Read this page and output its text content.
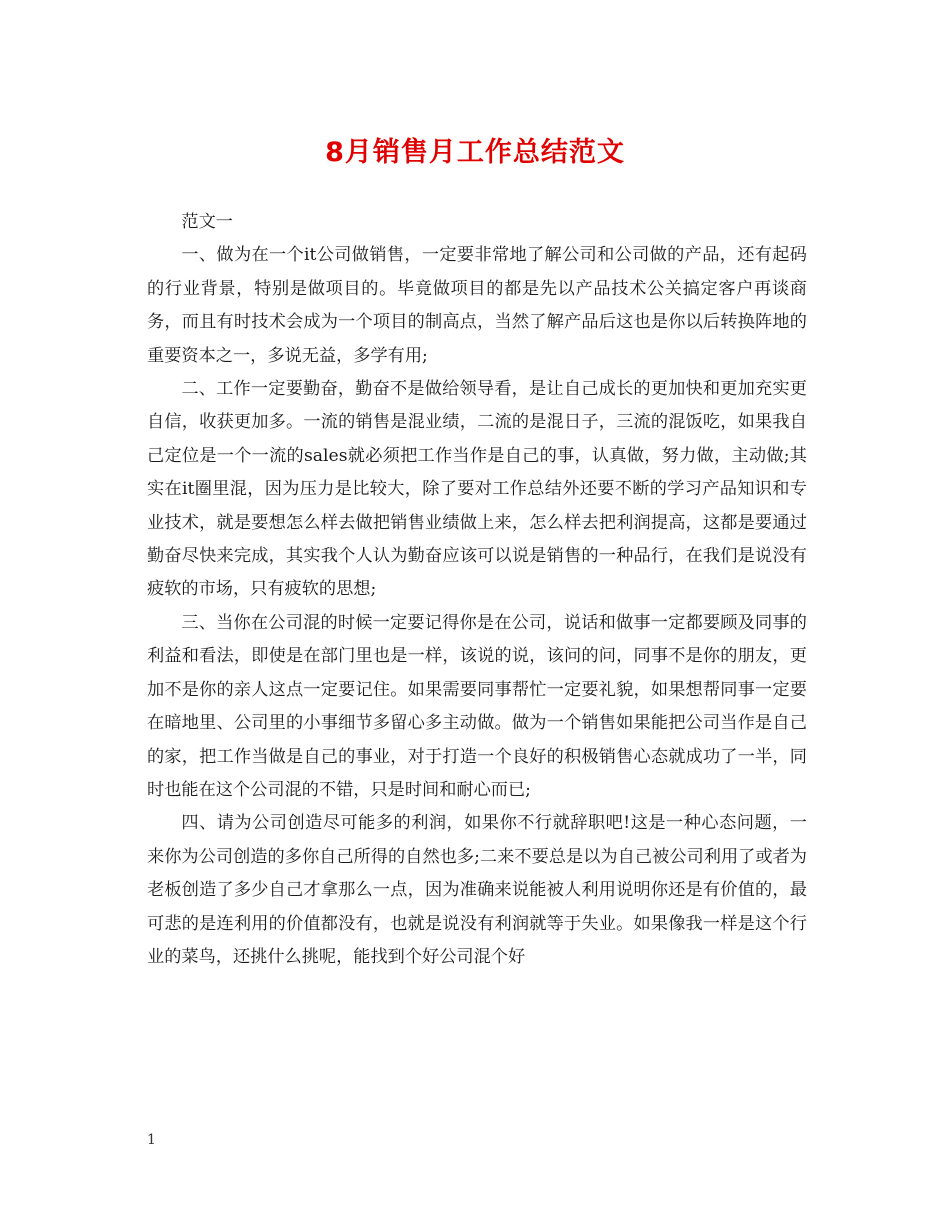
8月销售月工作总结范文

范文一

一、做为在一个it公司做销售，一定要非常地了解公司和公司做的产品，还有起码的行业背景，特别是做项目的。毕竟做项目的都是先以产品技术公关搞定客户再谈商务，而且有时技术会成为一个项目的制高点，当然了解产品后这也是你以后转换阵地的重要资本之一，多说无益，多学有用;

二、工作一定要勤奋，勤奋不是做给领导看，是让自己成长的更加快和更加充实更自信，收获更加多。一流的销售是混业绩，二流的是混日子，三流的混饭吃，如果我自己定位是一个一流的sales就必须把工作当作是自己的事，认真做，努力做，主动做;其实在it圈里混，因为压力是比较大，除了要对工作总结外还要不断的学习产品知识和专业技术，就是要想怎么样去做把销售业绩做上来，怎么样去把利润提高，这都是要通过勤奋尽快来完成，其实我个人认为勤奋应该可以说是销售的一种品行，在我们是说没有疲软的市场，只有疲软的思想;

三、当你在公司混的时候一定要记得你是在公司，说话和做事一定都要顾及同事的利益和看法，即使是在部门里也是一样，该说的说，该问的问，同事不是你的朋友，更加不是你的亲人这点一定要记住。如果需要同事帮忙一定要礼貌，如果想帮同事一定要在暗地里、公司里的小事细节多留心多主动做。做为一个销售如果能把公司当作是自己的家，把工作当做是自己的事业，对于打造一个良好的积极销售心态就成功了一半，同时也能在这个公司混的不错，只是时间和耐心而已;

四、请为公司创造尽可能多的利润，如果你不行就辞职吧!这是一种心态问题，一来你为公司创造的多你自己所得的自然也多;二来不要总是以为自己被公司利用了或者为老板创造了多少自己才拿那么一点，因为准确来说能被人利用说明你还是有价值的，最可悲的是连利用的价值都没有，也就是说没有利润就等于失业。如果像我一样是这个行业的菜鸟，还挑什么挑呢，能找到个好公司混个好

1
